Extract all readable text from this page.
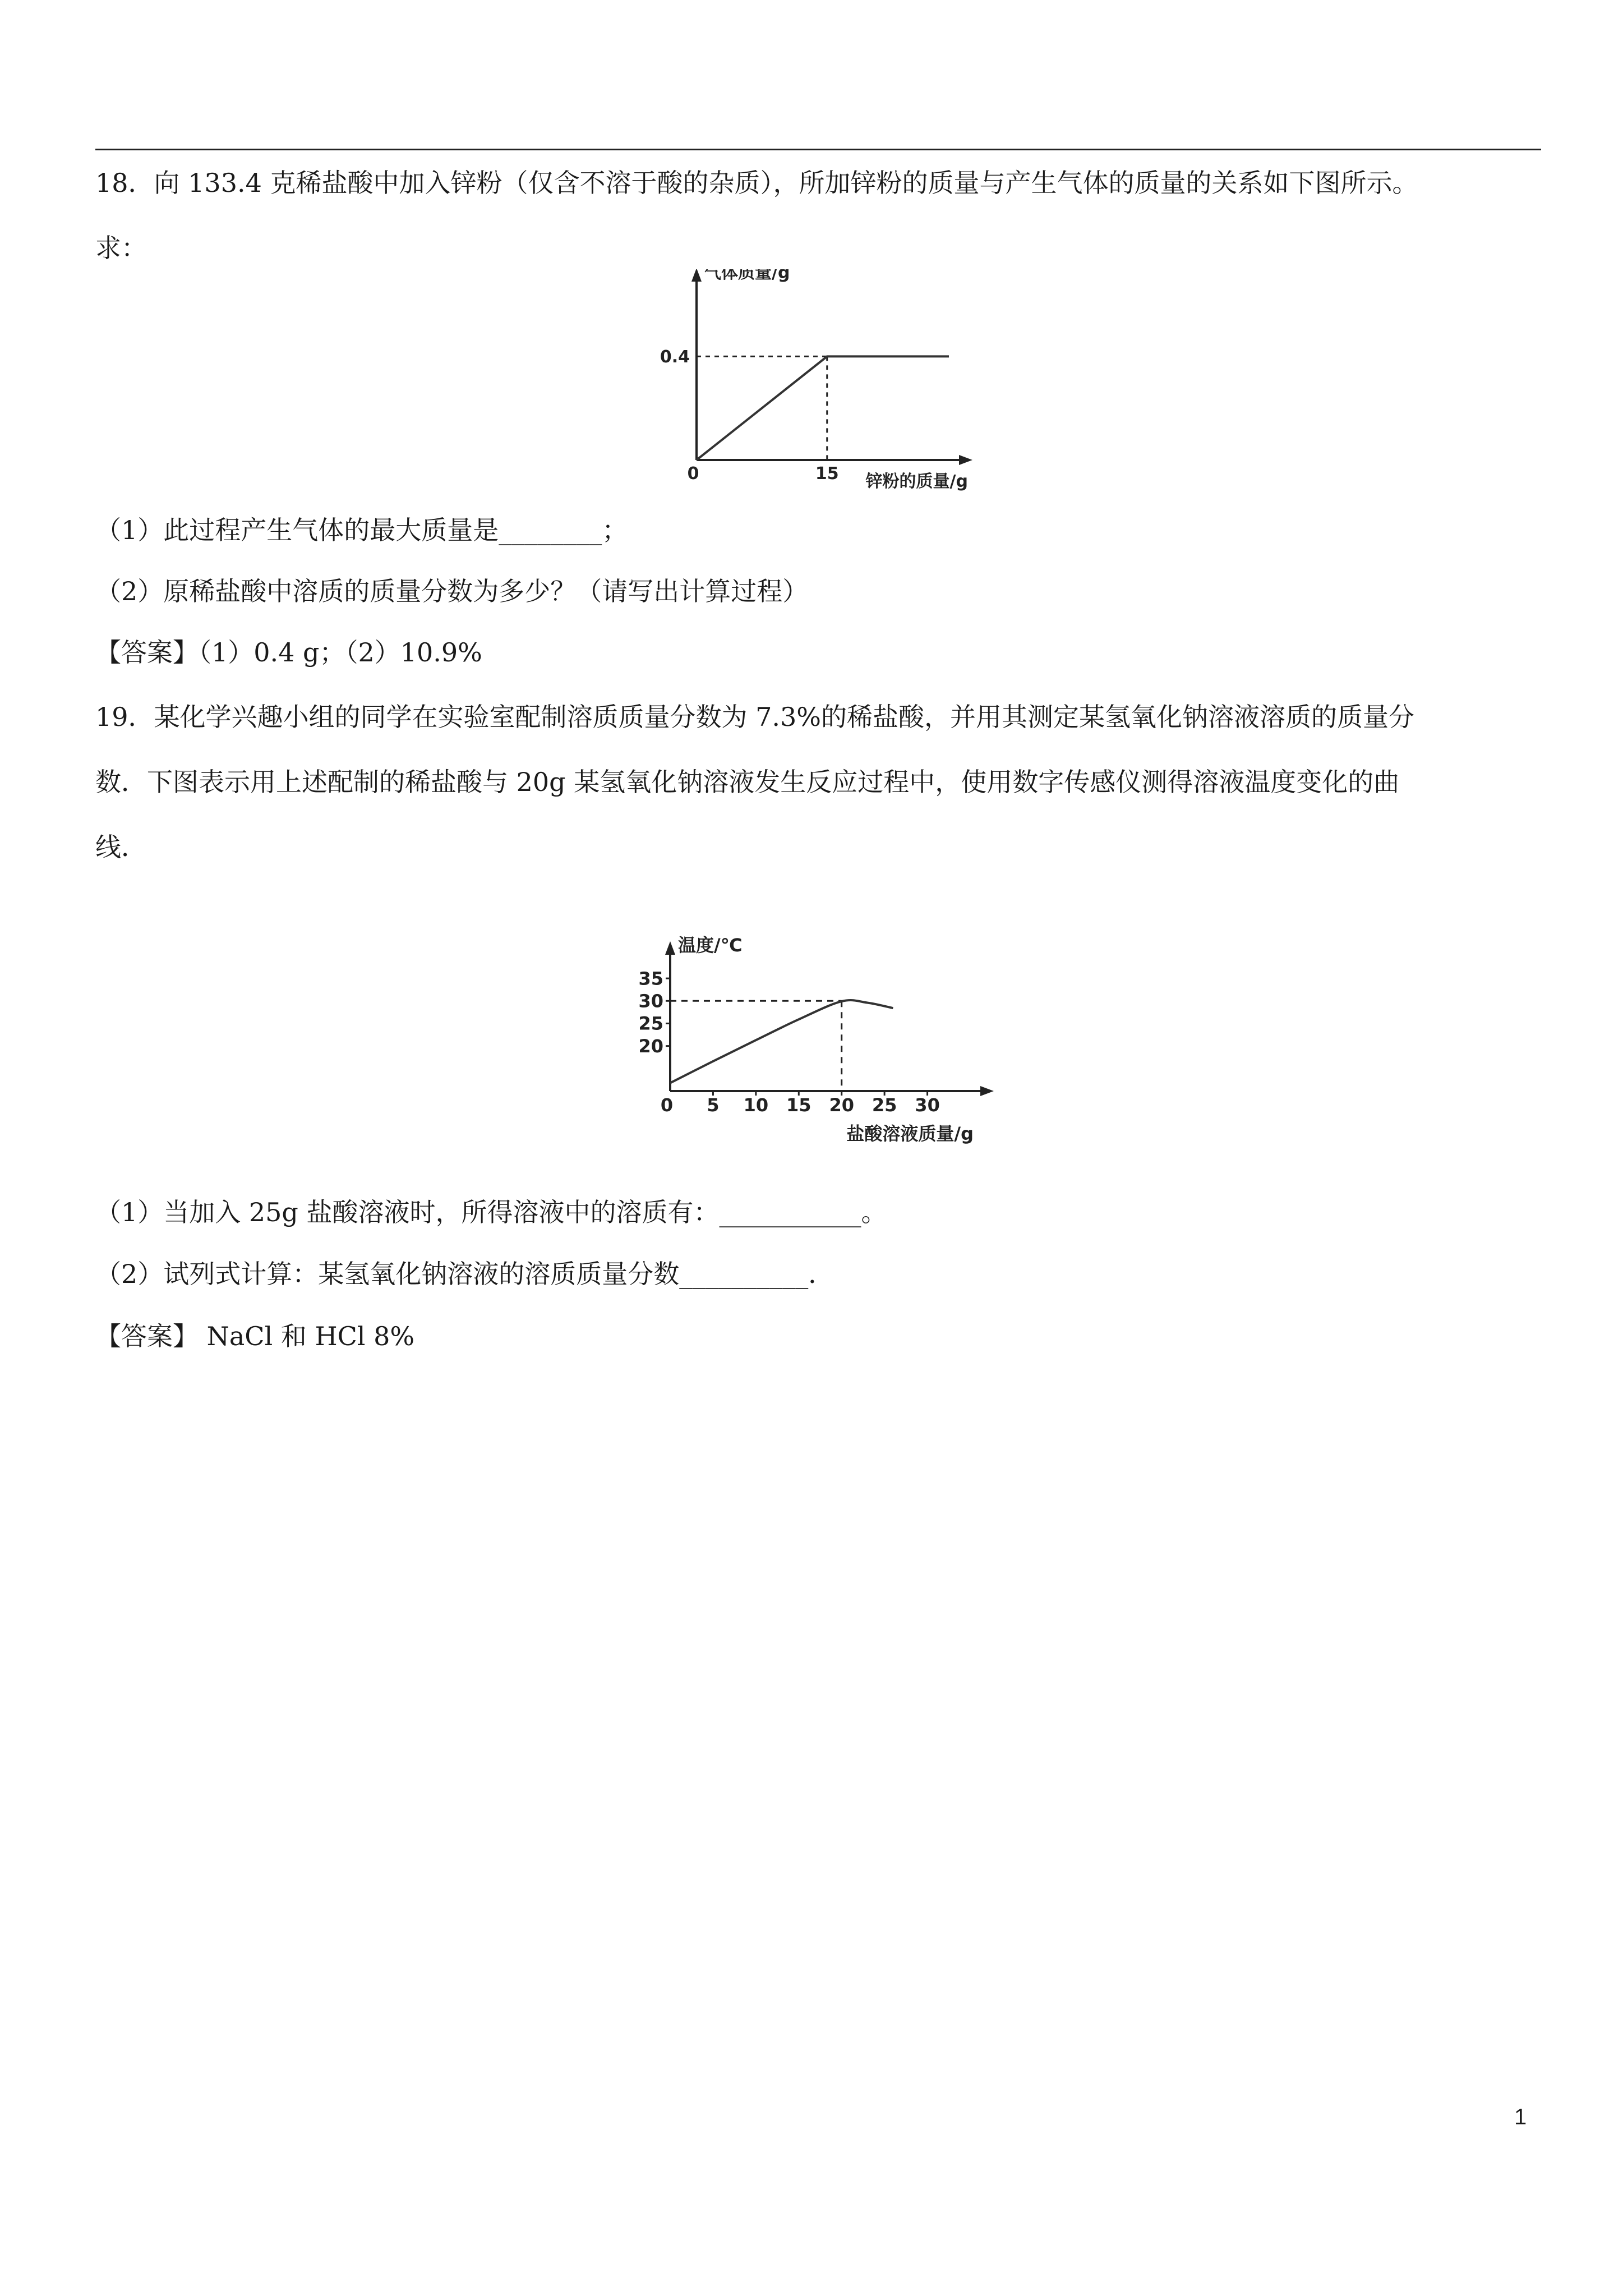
18．向 133.4 克稀盐酸中加入锌粉（仅含不溶于酸的杂质），所加锌粉的质量与产生气体的质量的关系如下图所示。
求：
气体质量/g
锌粉的质量/g
0	15
0.4
（1）此过程产生气体的最大质量是________；
（2）原稀盐酸中溶质的质量分数为多少？（请写出计算过程）
【答案】（1）0.4 g；（2）10.9%
19．某化学兴趣小组的同学在实验室配制溶质质量分数为 7.3%的稀盐酸，并用其测定某氢氧化钠溶液溶质的质量分
数．下图表示用上述配制的稀盐酸与 20g 某氢氧化钠溶液发生反应过程中，使用数字传感仪测得溶液温度变化的曲
线．
温度/℃
盐酸溶液质量/g
0 5 10 15 20 25 30
20
25
30
35
（1）当加入 25g 盐酸溶液时，所得溶液中的溶质有：___________。
（2）试列式计算：某氢氧化钠溶液的溶质质量分数__________．
【答案】 NaCl 和 HCl 8%
1
